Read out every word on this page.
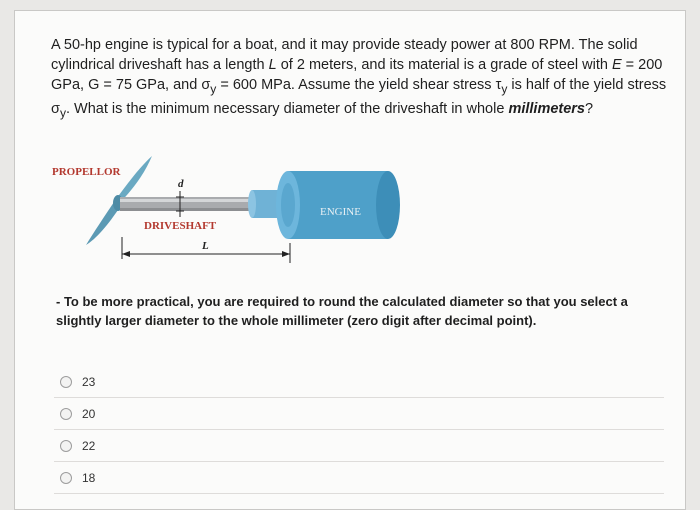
A 50-hp engine is typical for a boat, and it may provide steady power at 800 RPM. The solid cylindrical driveshaft has a length L of 2 meters, and its material is a grade of steel with E = 200 GPa, G = 75 GPa, and $\sigma_y = 600$ MPa. Assume the yield shear stress $\tau_y$ is half of the yield stress $\sigma_y$. What is the minimum necessary diameter of the driveshaft in whole millimeters?

PROPELLOR
d
DRIVESHAFT
ENGINE
L

- To be more practical, you are required to round the calculated diameter so that you select a slightly larger diameter to the whole millimeter (zero digit after decimal point).

23
20
22
18
